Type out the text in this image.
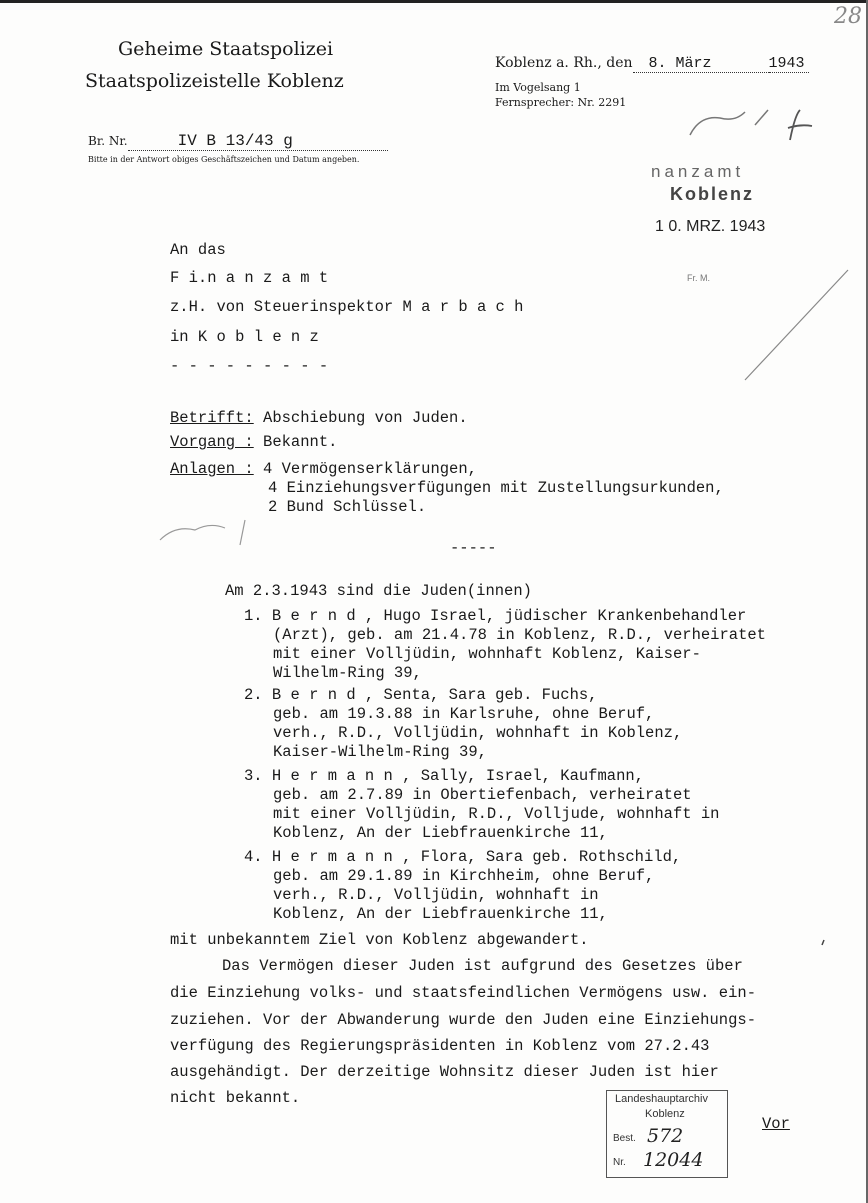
28
Geheime Staatspolizei
Staatspolizeistelle Koblenz
Koblenz a. Rh., den 8. März	1943
Im Vogelsang 1
Fernsprecher: Nr. 2291
Br. Nr.	IV B 13/43 g
Bitte in der Antwort obiges Geschäftszeichen und Datum angeben.
nanzamt
Koblenz
1 0. MRZ. 1943
Fr. M.
An das
F i.n a n z a m t
z.H. von Steuerinspektor M a r b a c h
in K o b l e n z
- - - - - - - - -
Betrifft: Abschiebung von Juden.
Vorgang : Bekannt.
Anlagen : 4 Vermögenserklärungen,
4 Einziehungsverfügungen mit Zustellungsurkunden,
2 Bund Schlüssel.
-----
Am 2.3.1943 sind die Juden(innen)
1. B e r n d , Hugo Israel, jüdischer Krankenbehandler
(Arzt), geb. am 21.4.78 in Koblenz, R.D., verheiratet
mit einer Volljüdin, wohnhaft Koblenz, Kaiser-
Wilhelm-Ring 39,
2. B e r n d , Senta, Sara geb. Fuchs,
geb. am 19.3.88 in Karlsruhe, ohne Beruf,
verh., R.D., Volljüdin, wohnhaft in Koblenz,
Kaiser-Wilhelm-Ring 39,
3. H e r m a n n , Sally, Israel, Kaufmann,
geb. am 2.7.89 in Obertiefenbach, verheiratet
mit einer Volljüdin, R.D., Volljude, wohnhaft in
Koblenz, An der Liebfrauenkirche 11,
4. H e r m a n n , Flora, Sara geb. Rothschild,
geb. am 29.1.89 in Kirchheim, ohne Beruf,
verh., R.D., Volljüdin, wohnhaft in
Koblenz, An der Liebfrauenkirche 11,
mit unbekanntem Ziel von Koblenz abgewandert.
Das Vermögen dieser Juden ist aufgrund des Gesetzes über
die Einziehung volks- und staatsfeindlichen Vermögens usw. ein-
zuziehen. Vor der Abwanderung wurde den Juden eine Einziehungs-
verfügung des Regierungspräsidenten in Koblenz vom 27.2.43
ausgehändigt. Der derzeitige Wohnsitz dieser Juden ist hier
nicht bekannt.	Landeshauptarchiv
Koblenz
Best. 572
Nr. 12044
Vor
